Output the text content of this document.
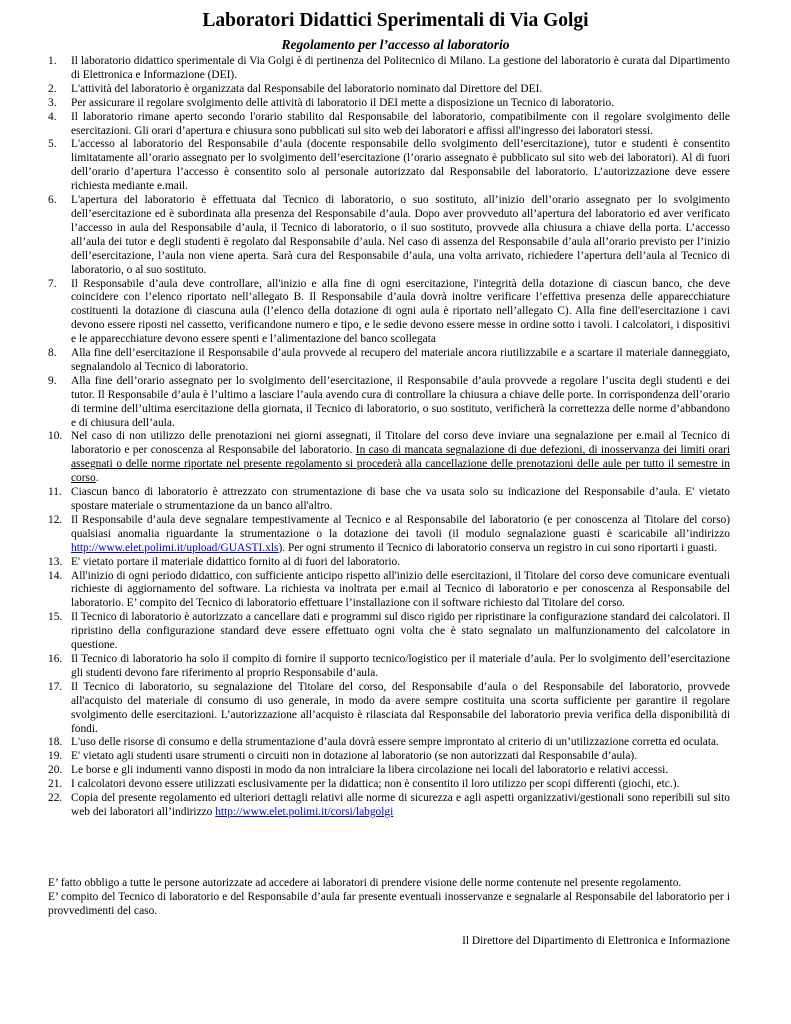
Laboratori Didattici Sperimentali di Via Golgi
Regolamento per l’accesso al laboratorio
1. Il laboratorio didattico sperimentale di Via Golgi è di pertinenza del Politecnico di Milano. La gestione del laboratorio è curata dal Dipartimento di Elettronica e Informazione (DEI).
2. L'attività del laboratorio è organizzata dal Responsabile del laboratorio nominato dal Direttore del DEI.
3. Per assicurare il regolare svolgimento delle attività di laboratorio il DEI mette a disposizione un Tecnico di laboratorio.
4. Il laboratorio rimane aperto secondo l'orario stabilito dal Responsabile del laboratorio, compatibilmente con il regolare svolgimento delle esercitazioni. Gli orari d’apertura e chiusura sono pubblicati sul sito web dei laboratori e affissi all'ingresso dei laboratori stessi.
5. L'accesso al laboratorio del Responsabile d’aula (docente responsabile dello svolgimento dell’esercitazione), tutor e studenti è consentito limitatamente all’orario assegnato per lo svolgimento dell’esercitazione (l’orario assegnato è pubblicato sul sito web dei laboratori). Al di fuori dell’orario d’apertura l’accesso è consentito solo al personale autorizzato dal Responsabile del laboratorio. L’autorizzazione deve essere richiesta mediante e.mail.
6. L'apertura del laboratorio è effettuata dal Tecnico di laboratorio, o suo sostituto, all’inizio dell’orario assegnato per lo svolgimento dell’esercitazione ed è subordinata alla presenza del Responsabile d’aula. Dopo aver provveduto all’apertura del laboratorio ed aver verificato l’accesso in aula del Responsabile d’aula, il Tecnico di laboratorio, o il suo sostituto, provvede alla chiusura a chiave della porta. L’accesso all’aula dei tutor e degli studenti è regolato dal Responsabile d’aula. Nel caso di assenza del Responsabile d’aula all’orario previsto per l’inizio dell’esercitazione, l’aula non viene aperta. Sarà cura del Responsabile d’aula, una volta arrivato, richiedere l’apertura dell’aula al Tecnico di laboratorio, o al suo sostituto.
7. Il Responsabile d’aula deve controllare, all'inizio e alla fine di ogni esercitazione, l'integrità della dotazione di ciascun banco, che deve coincidere con l’elenco riportato nell’allegato B. Il Responsabile d’aula dovrà inoltre verificare l’effettiva presenza delle apparecchiature costituenti la dotazione di ciascuna aula (l’elenco della dotazione di ogni aula è riportato nell’allegato C). Alla fine dell'esercitazione i cavi devono essere riposti nel cassetto, verificandone numero e tipo, e le sedie devono essere messe in ordine sotto i tavoli. I calcolatori, i dispositivi e le apparecchiature devono essere spenti e l’alimentazione del banco scollegata
8. Alla fine dell’esercitazione il Responsabile d’aula provvede al recupero del materiale ancora riutilizzabile e a scartare il materiale danneggiato, segnalandolo al Tecnico di laboratorio.
9. Alla fine dell’orario assegnato per lo svolgimento dell’esercitazione, il Responsabile d’aula provvede a regolare l’uscita degli studenti e dei tutor. Il Responsabile d’aula è l’ultimo a lasciare l’aula avendo cura di controllare la chiusura a chiave delle porte. In corrispondenza dell’orario di termine dell’ultima esercitazione della giornata, il Tecnico di laboratorio, o suo sostituto, verificherà la correttezza delle norme d’abbandono e di chiusura dell’aula.
10. Nel caso di non utilizzo delle prenotazioni nei giorni assegnati, il Titolare del corso deve inviare una segnalazione per e.mail al Tecnico di laboratorio e per conoscenza al Responsabile del laboratorio. In caso di mancata segnalazione di due defezioni, di inosservanza dei limiti orari assegnati o delle norme riportate nel presente regolamento si procederà alla cancellazione delle prenotazioni delle aule per tutto il semestre in corso.
11. Ciascun banco di laboratorio è attrezzato con strumentazione di base che va usata solo su indicazione del Responsabile d’aula. E' vietato spostare materiale o strumentazione da un banco all'altro.
12. Il Responsabile d’aula deve segnalare tempestivamente al Tecnico e al Responsabile del laboratorio (e per conoscenza al Titolare del corso) qualsiasi anomalia riguardante la strumentazione o la dotazione dei tavoli (il modulo segnalazione guasti è scaricabile all’indirizzo http://www.elet.polimi.it/upload/GUASTI.xls). Per ogni strumento il Tecnico di laboratorio conserva un registro in cui sono riportarti i guasti.
13. E' vietato portare il materiale didattico fornito al di fuori del laboratorio.
14. All'inizio di ogni periodo didattico, con sufficiente anticipo rispetto all'inizio delle esercitazioni, il Titolare del corso deve comunicare eventuali richieste di aggiornamento del software. La richiesta va inoltrata per e.mail al Tecnico di laboratorio e per conoscenza al Responsabile del laboratorio. E’ compito del Tecnico di laboratorio effettuare l’installazione con il software richiesto dal Titolare del corso.
15. Il Tecnico di laboratorio è autorizzato a cancellare dati e programmi sul disco rigido per ripristinare la configurazione standard dei calcolatori. Il ripristino della configurazione standard deve essere effettuato ogni volta che è stato segnalato un malfunzionamento del calcolatore in questione.
16. Il Tecnico di laboratorio ha solo il compito di fornire il supporto tecnico/logistico per il materiale d’aula. Per lo svolgimento dell’esercitazione gli studenti devono fare riferimento al proprio Responsabile d’aula.
17. Il Tecnico di laboratorio, su segnalazione del Titolare del corso, del Responsabile d’aula o del Responsabile del laboratorio, provvede all'acquisto del materiale di consumo di uso generale, in modo da avere sempre costituita una scorta sufficiente per garantire il regolare svolgimento delle esercitazioni. L’autorizzazione all’acquisto è rilasciata dal Responsabile del laboratorio previa verifica della disponibilità di fondi.
18. L'uso delle risorse di consumo e della strumentazione d’aula dovrà essere sempre improntato al criterio di un’utilizzazione corretta ed oculata.
19. E' vietato agli studenti usare strumenti o circuiti non in dotazione al laboratorio (se non autorizzati dal Responsabile d’aula).
20. Le borse e gli indumenti vanno disposti in modo da non intralciare la libera circolazione nei locali del laboratorio e relativi accessi.
21. I calcolatori devono essere utilizzati esclusivamente per la didattica; non è consentito il loro utilizzo per scopi differenti (giochi, etc.).
22. Copia del presente regolamento ed ulteriori dettagli relativi alle norme di sicurezza e agli aspetti organizzativi/gestionali sono reperibili sul sito web dei laboratori all’indirizzo http://www.elet.polimi.it/corsi/labgolgi

E’ fatto obbligo a tutte le persone autorizzate ad accedere ai laboratori di prendere visione delle norme contenute nel presente regolamento.

E’ compito del Tecnico di laboratorio e del Responsabile d’aula far presente eventuali inosservanze e segnalarle al Responsabile del laboratorio per i provvedimenti del caso.

Il Direttore del Dipartimento di Elettronica e Informazione
